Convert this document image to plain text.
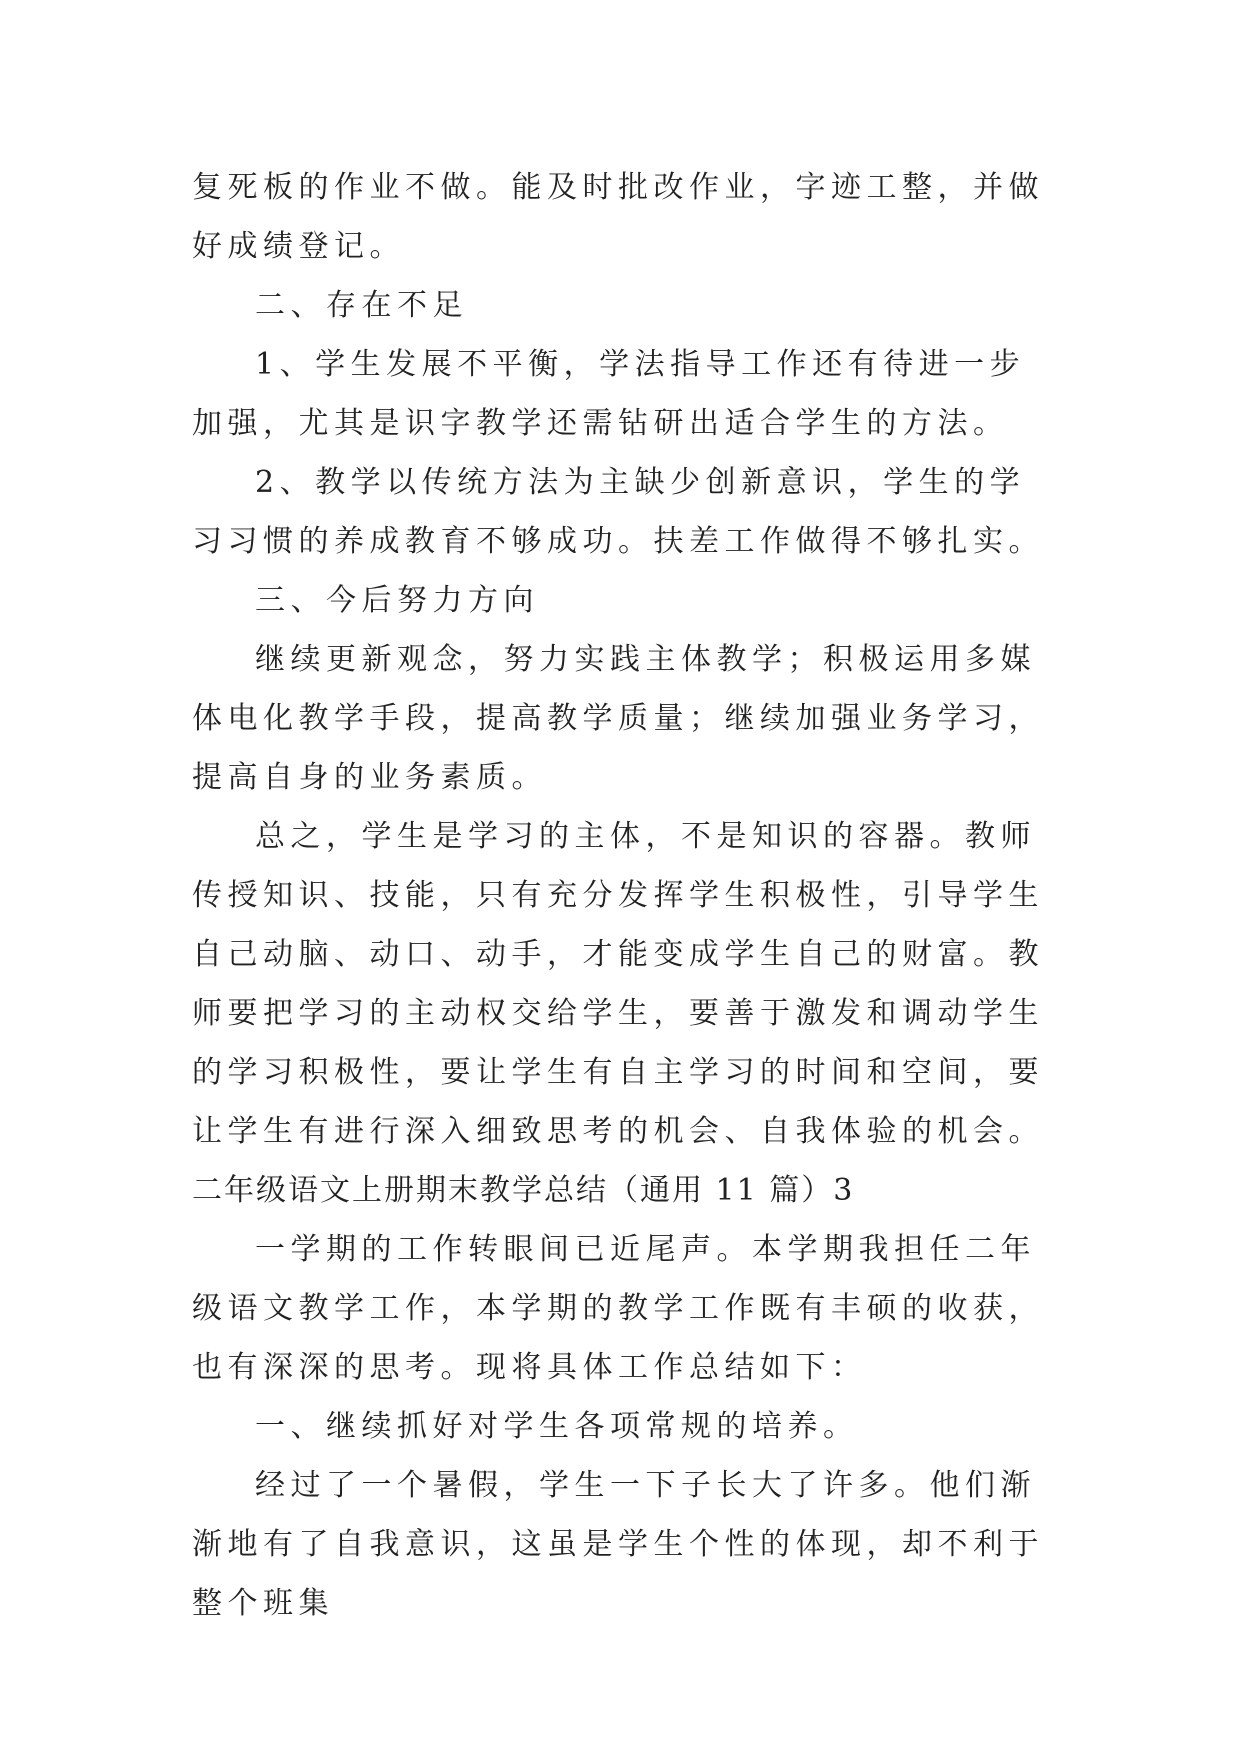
复死板的作业不做。能及时批改作业，字迹工整，并做好成绩登记。

二、存在不足

1、学生发展不平衡，学法指导工作还有待进一步加强，尤其是识字教学还需钻研出适合学生的方法。

2、教学以传统方法为主缺少创新意识，学生的学习习惯的养成教育不够成功。扶差工作做得不够扎实。

三、今后努力方向

继续更新观念，努力实践主体教学；积极运用多媒体电化教学手段，提高教学质量；继续加强业务学习，提高自身的业务素质。

总之，学生是学习的主体，不是知识的容器。教师传授知识、技能，只有充分发挥学生积极性，引导学生自己动脑、动口、动手，才能变成学生自己的财富。教师要把学习的主动权交给学生，要善于激发和调动学生的学习积极性，要让学生有自主学习的时间和空间，要让学生有进行深入细致思考的机会、自我体验的机会。

二年级语文上册期末教学总结（通用 11 篇）3

一学期的工作转眼间已近尾声。本学期我担任二年级语文教学工作，本学期的教学工作既有丰硕的收获，也有深深的思考。现将具体工作总结如下：

一、继续抓好对学生各项常规的培养。

经过了一个暑假，学生一下子长大了许多。他们渐渐地有了自我意识，这虽是学生个性的体现，却不利于整个班集
